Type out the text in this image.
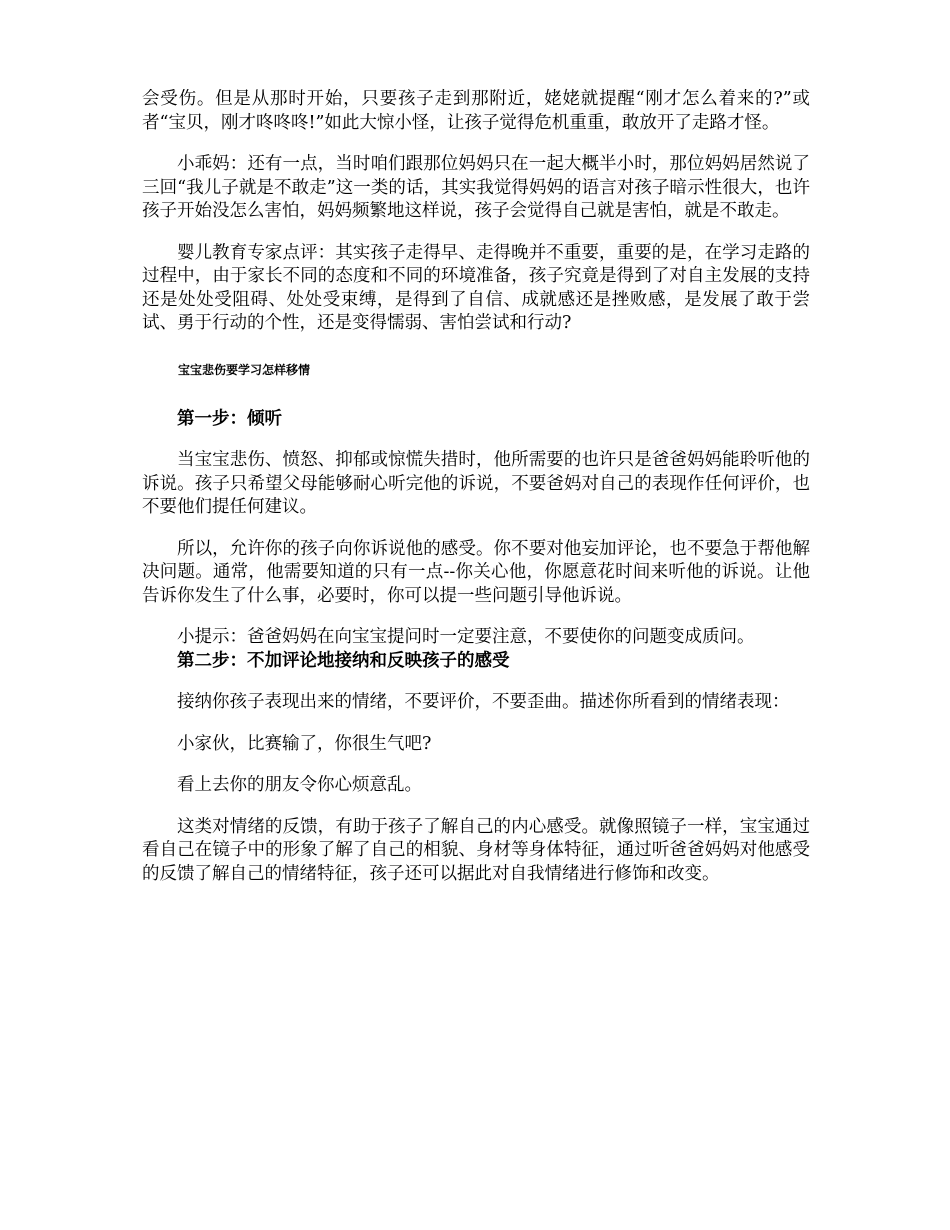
会受伤。但是从那时开始，只要孩子走到那附近，姥姥就提醒“刚才怎么着来的?”或者“宝贝，刚才咚咚咚!”如此大惊小怪，让孩子觉得危机重重，敢放开了走路才怪。

小乖妈：还有一点，当时咱们跟那位妈妈只在一起大概半小时，那位妈妈居然说了三回“我儿子就是不敢走”这一类的话，其实我觉得妈妈的语言对孩子暗示性很大，也许孩子开始没怎么害怕，妈妈频繁地这样说，孩子会觉得自己就是害怕，就是不敢走。

婴儿教育专家点评：其实孩子走得早、走得晚并不重要，重要的是，在学习走路的过程中，由于家长不同的态度和不同的环境准备，孩子究竟是得到了对自主发展的支持还是处处受阻碍、处处受束缚，是得到了自信、成就感还是挫败感，是发展了敢于尝试、勇于行动的个性，还是变得懦弱、害怕尝试和行动?

宝宝悲伤要学习怎样移情

第一步：倾听

当宝宝悲伤、愤怒、抑郁或惊慌失措时，他所需要的也许只是爸爸妈妈能聆听他的诉说。孩子只希望父母能够耐心听完他的诉说，不要爸妈对自己的表现作任何评价，也不要他们提任何建议。

所以，允许你的孩子向你诉说他的感受。你不要对他妄加评论，也不要急于帮他解决问题。通常，他需要知道的只有一点--你关心他，你愿意花时间来听他的诉说。让他告诉你发生了什么事，必要时，你可以提一些问题引导他诉说。

小提示：爸爸妈妈在向宝宝提问时一定要注意，不要使你的问题变成质问。

第二步：不加评论地接纳和反映孩子的感受

接纳你孩子表现出来的情绪，不要评价，不要歪曲。描述你所看到的情绪表现：

小家伙，比赛输了，你很生气吧?

看上去你的朋友令你心烦意乱。

这类对情绪的反馈，有助于孩子了解自己的内心感受。就像照镜子一样，宝宝通过看自己在镜子中的形象了解了自己的相貌、身材等身体特征，通过听爸爸妈妈对他感受的反馈了解自己的情绪特征，孩子还可以据此对自我情绪进行修饰和改变。
